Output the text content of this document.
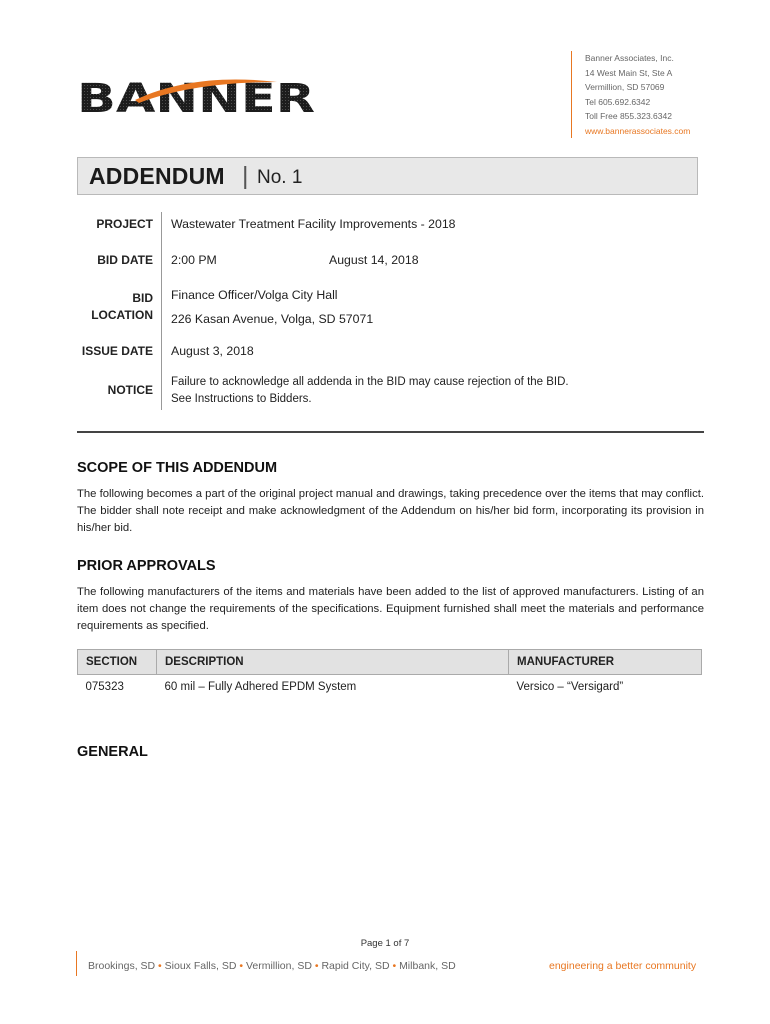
BANNER
Banner Associates, Inc.
14 West Main St, Ste A
Vermillion, SD 57069
Tel 605.692.6342
Toll Free 855.323.6342
www.bannerassociates.com
ADDENDUM | No. 1
PROJECT Wastewater Treatment Facility Improvements - 2018
BID DATE 2:00 PM	August 14, 2018
BID
LOCATION
Finance Officer/Volga City Hall
226 Kasan Avenue, Volga, SD 57071
ISSUE DATE August 3, 2018
NOTICE
Failure to acknowledge all addenda in the BID may cause rejection of the BID.
See Instructions to Bidders.
SCOPE OF THIS ADDENDUM
The following becomes a part of the original project manual and drawings, taking precedence over the items that may conflict. The bidder shall note receipt and make acknowledgment of the Addendum on his/her bid form, incorporating its provision in his/her bid.
PRIOR APPROVALS
The following manufacturers of the items and materials have been added to the list of approved manufacturers. Listing of an item does not change the requirements of the specifications. Equipment furnished shall meet the materials and performance requirements as specified.
SECTION	DESCRIPTION	MANUFACTURER
075323	60 mil – Fully Adhered EPDM System	Versico – “Versigard”
GENERAL
Page 1 of 7
Brookings, SD • Sioux Falls, SD • Vermillion, SD • Rapid City, SD • Milbank, SD	engineering a better community
